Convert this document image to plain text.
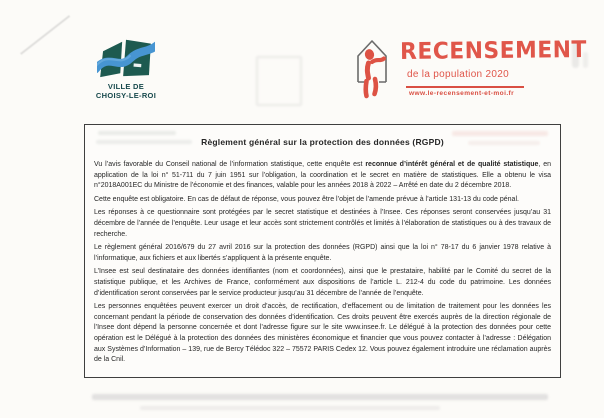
VILLE DE
CHOISY-LE-ROI
RECENSEMENT
de la population 2020
www.le-recensement-et-moi.fr
Règlement général sur la protection des données (RGPD)

Vu l’avis favorable du Conseil national de l’information statistique, cette enquête est reconnue d’intérêt général et de qualité statistique, en application de la loi n° 51-711 du 7 juin 1951 sur l’obligation, la coordination et le secret en matière de statistiques. Elle a obtenu le visa n°2018A001EC du Ministre de l’économie et des finances, valable pour les années 2018 à 2022 – Arrêté en date du 2 décembre 2018.

Cette enquête est obligatoire. En cas de défaut de réponse, vous pouvez être l’objet de l’amende prévue à l’article 131-13 du code pénal.

Les réponses à ce questionnaire sont protégées par le secret statistique et destinées à l’Insee. Ces réponses seront conservées jusqu’au 31 décembre de l’année de l’enquête. Leur usage et leur accès sont strictement contrôlés et limités à l’élaboration de statistiques ou à des travaux de recherche.

Le règlement général 2016/679 du 27 avril 2016 sur la protection des données (RGPD) ainsi que la loi n° 78-17 du 6 janvier 1978 relative à l’informatique, aux fichiers et aux libertés s’appliquent à la présente enquête.

L’Insee est seul destinataire des données identifiantes (nom et coordonnées), ainsi que le prestataire, habilité par le Comité du secret de la statistique publique, et les Archives de France, conformément aux dispositions de l’article L. 212-4 du code du patrimoine. Les données d’identification seront conservées par le service producteur jusqu’au 31 décembre de l’année de l’enquête.

Les personnes enquêtées peuvent exercer un droit d’accès, de rectification, d’effacement ou de limitation de traitement pour les données les concernant pendant la période de conservation des données d’identification. Ces droits peuvent être exercés auprès de la direction régionale de l’Insee dont dépend la personne concernée et dont l’adresse figure sur le site www.insee.fr. Le délégué à la protection des données pour cette opération est le Délégué à la protection des données des ministères économique et financier que vous pouvez contacter à l’adresse : Délégation aux Systèmes d’Information – 139, rue de Bercy Télédoc 322 – 75572 PARIS Cedex 12. Vous pouvez également introduire une réclamation auprès de la Cnil.
